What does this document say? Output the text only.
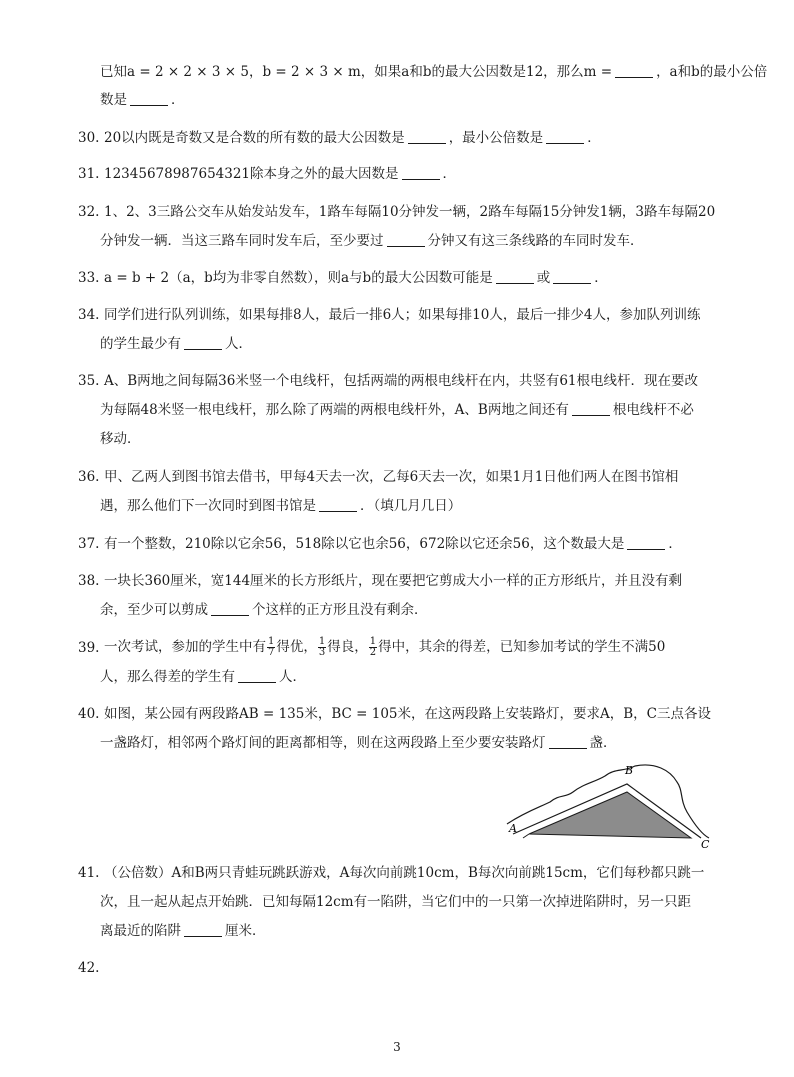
已知a = 2 × 2 × 3 × 5，b = 2 × 3 × m，如果a和b的最大公因数是12，那么m =	，a和b的最小公倍
数是	．
30. 20以内既是奇数又是合数的所有数的最大公因数是	，最小公倍数是	．
31. 12345678987654321除本身之外的最大因数是	．
32. 1、2、3三路公交车从始发站发车，1路车每隔10分钟发一辆，2路车每隔15分钟发1辆，3路车每隔20
分钟发一辆．当这三路车同时发车后，至少要过	分钟又有这三条线路的车同时发车．
33. a = b + 2（a，b均为非零自然数），则a与b的最大公因数可能是	或	．
34. 同学们进行队列训练，如果每排8人，最后一排6人；如果每排10人，最后一排少4人，参加队列训练
的学生最少有	人．
35. A、B两地之间每隔36米竖一个电线杆，包括两端的两根电线杆在内，共竖有61根电线杆．现在要改
为每隔48米竖一根电线杆，那么除了两端的两根电线杆外，A、B两地之间还有	根电线杆不必
移动．
36. 甲、乙两人到图书馆去借书，甲每4天去一次，乙每6天去一次，如果1月1日他们两人在图书馆相
遇，那么他们下一次同时到图书馆是	．（填几月几日）
37. 有一个整数，210除以它余56，518除以它也余56，672除以它还余56，这个数最大是	．
38. 一块长360厘米，宽144厘米的长方形纸片，现在要把它剪成大小一样的正方形纸片，并且没有剩
余，至少可以剪成	个这样的正方形且没有剩余．
39. 一次考试，参加的学生中有 $\frac{1}{7}$ 得优， $\frac{1}{3}$ 得良， $\frac{1}{2}$ 得中，其余的得差，已知参加考试的学生不满50
人，那么得差的学生有	人．
40. 如图，某公园有两段路AB = 135米，BC = 105米，在这两段路上安装路灯，要求A，B，C三点各设
一盏路灯，相邻两个路灯间的距离都相等，则在这两段路上至少要安装路灯	盏．
A
B
C
41. （公倍数）A和B两只青蛙玩跳跃游戏，A每次向前跳10cm，B每次向前跳15cm，它们每秒都只跳一
次，且一起从起点开始跳．已知每隔12cm有一陷阱，当它们中的一只第一次掉进陷阱时，另一只距
离最近的陷阱	厘米．
42.
3
